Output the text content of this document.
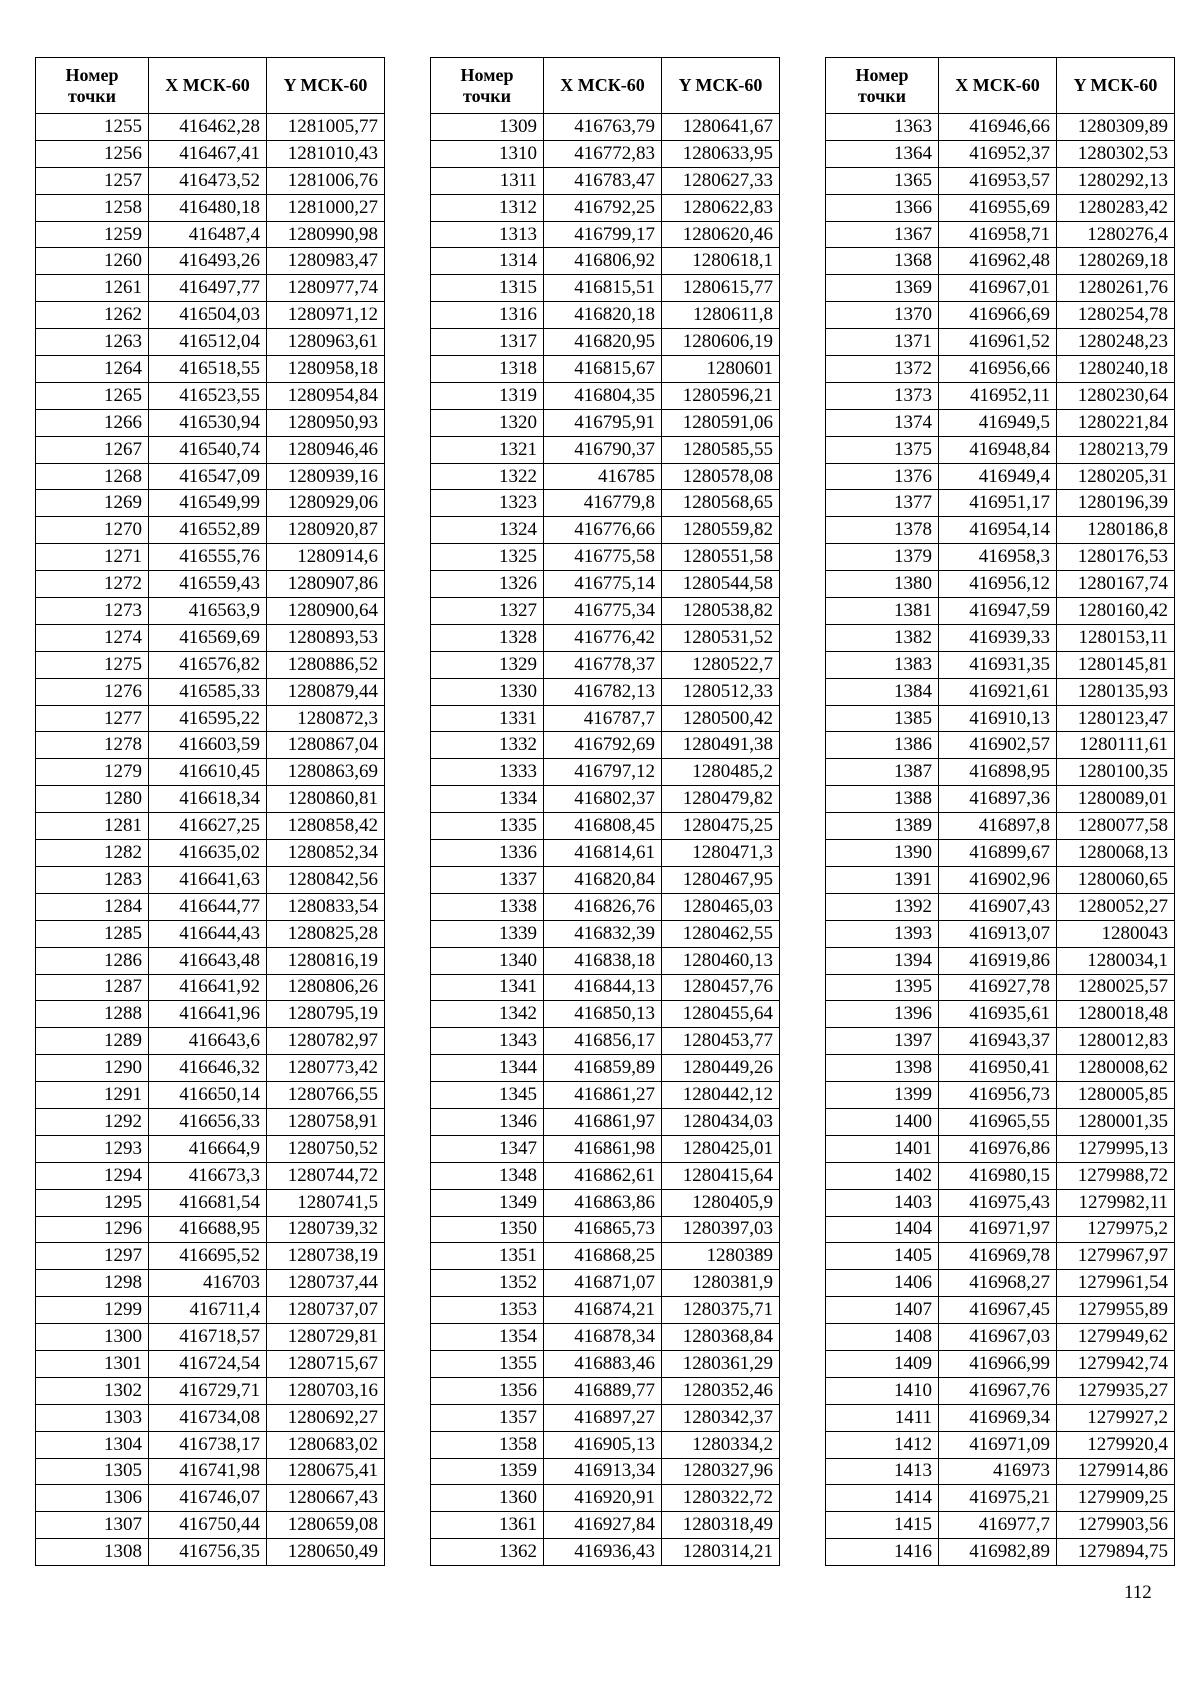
Номер
точки	X МСК-60	Y МСК-60
1255	416462,28	1281005,77
1256	416467,41	1281010,43
1257	416473,52	1281006,76
1258	416480,18	1281000,27
1259	416487,4	1280990,98
1260	416493,26	1280983,47
1261	416497,77	1280977,74
1262	416504,03	1280971,12
1263	416512,04	1280963,61
1264	416518,55	1280958,18
1265	416523,55	1280954,84
1266	416530,94	1280950,93
1267	416540,74	1280946,46
1268	416547,09	1280939,16
1269	416549,99	1280929,06
1270	416552,89	1280920,87
1271	416555,76	1280914,6
1272	416559,43	1280907,86
1273	416563,9	1280900,64
1274	416569,69	1280893,53
1275	416576,82	1280886,52
1276	416585,33	1280879,44
1277	416595,22	1280872,3
1278	416603,59	1280867,04
1279	416610,45	1280863,69
1280	416618,34	1280860,81
1281	416627,25	1280858,42
1282	416635,02	1280852,34
1283	416641,63	1280842,56
1284	416644,77	1280833,54
1285	416644,43	1280825,28
1286	416643,48	1280816,19
1287	416641,92	1280806,26
1288	416641,96	1280795,19
1289	416643,6	1280782,97
1290	416646,32	1280773,42
1291	416650,14	1280766,55
1292	416656,33	1280758,91
1293	416664,9	1280750,52
1294	416673,3	1280744,72
1295	416681,54	1280741,5
1296	416688,95	1280739,32
1297	416695,52	1280738,19
1298	416703	1280737,44
1299	416711,4	1280737,07
1300	416718,57	1280729,81
1301	416724,54	1280715,67
1302	416729,71	1280703,16
1303	416734,08	1280692,27
1304	416738,17	1280683,02
1305	416741,98	1280675,41
1306	416746,07	1280667,43
1307	416750,44	1280659,08
1308	416756,35	1280650,49
Номер
точки	X МСК-60	Y МСК-60
1309	416763,79	1280641,67
1310	416772,83	1280633,95
1311	416783,47	1280627,33
1312	416792,25	1280622,83
1313	416799,17	1280620,46
1314	416806,92	1280618,1
1315	416815,51	1280615,77
1316	416820,18	1280611,8
1317	416820,95	1280606,19
1318	416815,67	1280601
1319	416804,35	1280596,21
1320	416795,91	1280591,06
1321	416790,37	1280585,55
1322	416785	1280578,08
1323	416779,8	1280568,65
1324	416776,66	1280559,82
1325	416775,58	1280551,58
1326	416775,14	1280544,58
1327	416775,34	1280538,82
1328	416776,42	1280531,52
1329	416778,37	1280522,7
1330	416782,13	1280512,33
1331	416787,7	1280500,42
1332	416792,69	1280491,38
1333	416797,12	1280485,2
1334	416802,37	1280479,82
1335	416808,45	1280475,25
1336	416814,61	1280471,3
1337	416820,84	1280467,95
1338	416826,76	1280465,03
1339	416832,39	1280462,55
1340	416838,18	1280460,13
1341	416844,13	1280457,76
1342	416850,13	1280455,64
1343	416856,17	1280453,77
1344	416859,89	1280449,26
1345	416861,27	1280442,12
1346	416861,97	1280434,03
1347	416861,98	1280425,01
1348	416862,61	1280415,64
1349	416863,86	1280405,9
1350	416865,73	1280397,03
1351	416868,25	1280389
1352	416871,07	1280381,9
1353	416874,21	1280375,71
1354	416878,34	1280368,84
1355	416883,46	1280361,29
1356	416889,77	1280352,46
1357	416897,27	1280342,37
1358	416905,13	1280334,2
1359	416913,34	1280327,96
1360	416920,91	1280322,72
1361	416927,84	1280318,49
1362	416936,43	1280314,21
Номер
точки	X МСК-60	Y МСК-60
1363	416946,66	1280309,89
1364	416952,37	1280302,53
1365	416953,57	1280292,13
1366	416955,69	1280283,42
1367	416958,71	1280276,4
1368	416962,48	1280269,18
1369	416967,01	1280261,76
1370	416966,69	1280254,78
1371	416961,52	1280248,23
1372	416956,66	1280240,18
1373	416952,11	1280230,64
1374	416949,5	1280221,84
1375	416948,84	1280213,79
1376	416949,4	1280205,31
1377	416951,17	1280196,39
1378	416954,14	1280186,8
1379	416958,3	1280176,53
1380	416956,12	1280167,74
1381	416947,59	1280160,42
1382	416939,33	1280153,11
1383	416931,35	1280145,81
1384	416921,61	1280135,93
1385	416910,13	1280123,47
1386	416902,57	1280111,61
1387	416898,95	1280100,35
1388	416897,36	1280089,01
1389	416897,8	1280077,58
1390	416899,67	1280068,13
1391	416902,96	1280060,65
1392	416907,43	1280052,27
1393	416913,07	1280043
1394	416919,86	1280034,1
1395	416927,78	1280025,57
1396	416935,61	1280018,48
1397	416943,37	1280012,83
1398	416950,41	1280008,62
1399	416956,73	1280005,85
1400	416965,55	1280001,35
1401	416976,86	1279995,13
1402	416980,15	1279988,72
1403	416975,43	1279982,11
1404	416971,97	1279975,2
1405	416969,78	1279967,97
1406	416968,27	1279961,54
1407	416967,45	1279955,89
1408	416967,03	1279949,62
1409	416966,99	1279942,74
1410	416967,76	1279935,27
1411	416969,34	1279927,2
1412	416971,09	1279920,4
1413	416973	1279914,86
1414	416975,21	1279909,25
1415	416977,7	1279903,56
1416	416982,89	1279894,75
112
